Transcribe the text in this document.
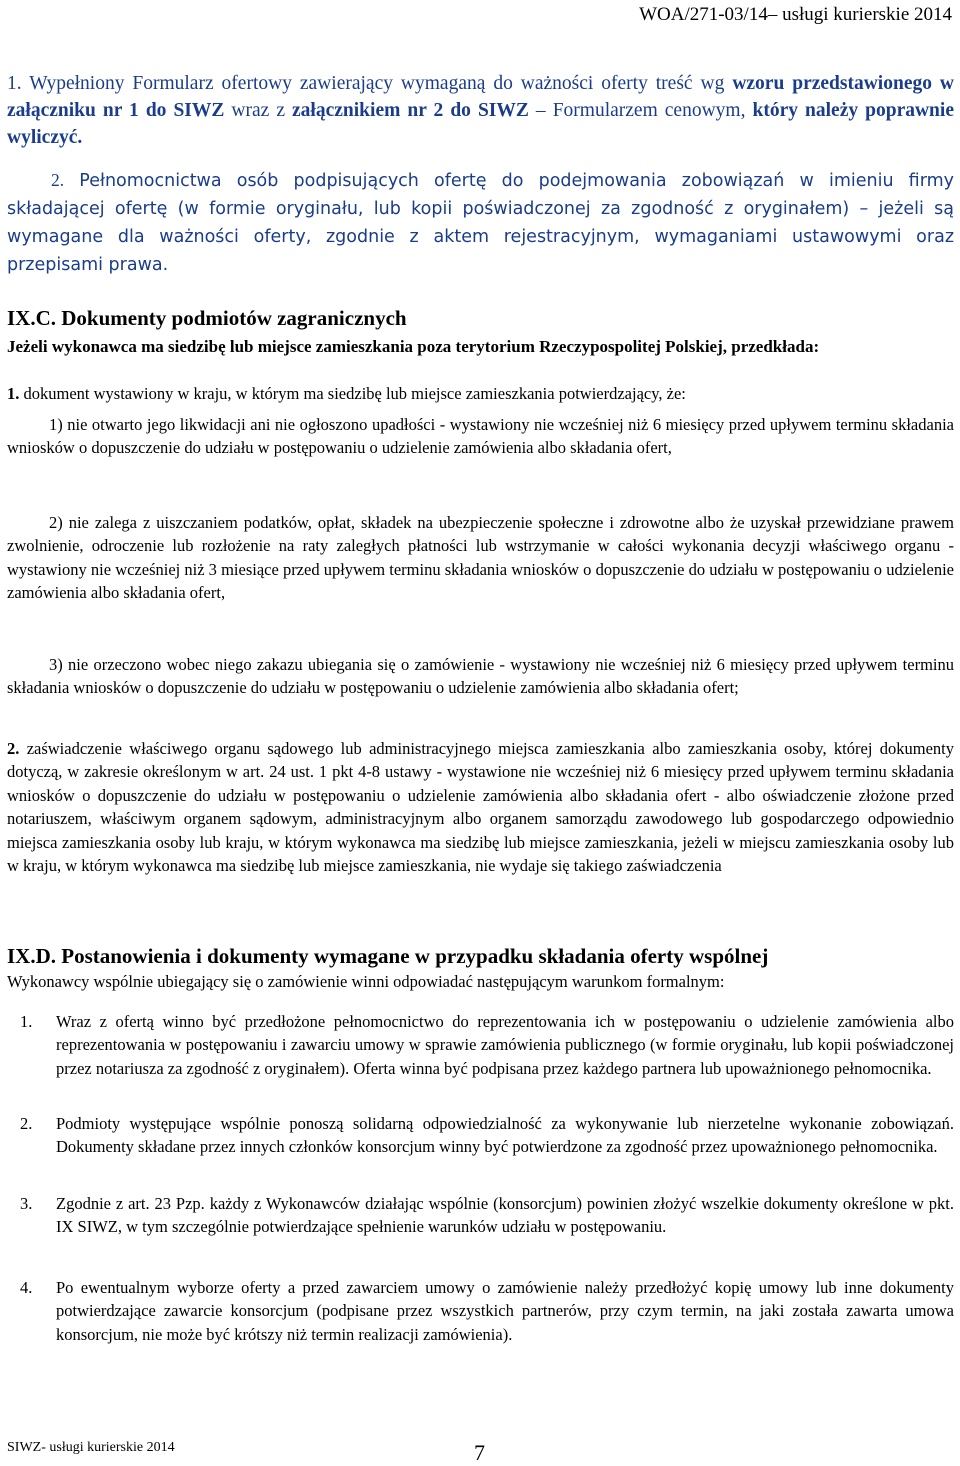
WOA/271-03/14– usługi kurierskie 2014
1. Wypełniony Formularz ofertowy zawierający wymaganą do ważności oferty treść wg wzoru przedstawionego w załączniku nr 1 do SIWZ wraz z załącznikiem nr 2 do SIWZ – Formularzem cenowym, który należy poprawnie wyliczyć.
2. Pełnomocnictwa osób podpisujących ofertę do podejmowania zobowiązań w imieniu firmy składającej ofertę (w formie oryginału, lub kopii poświadczonej za zgodność z oryginałem) – jeżeli są wymagane dla ważności oferty, zgodnie z aktem rejestracyjnym, wymaganiami ustawowymi oraz przepisami prawa.
IX.C. Dokumenty podmiotów zagranicznych
Jeżeli wykonawca ma siedzibę lub miejsce zamieszkania poza terytorium Rzeczypospolitej Polskiej, przedkłada:
1. dokument wystawiony w kraju, w którym ma siedzibę lub miejsce zamieszkania potwierdzający, że:
1) nie otwarto jego likwidacji ani nie ogłoszono upadłości - wystawiony nie wcześniej niż 6 miesięcy przed upływem terminu składania wniosków o dopuszczenie do udziału w postępowaniu o udzielenie zamówienia albo składania ofert,
2) nie zalega z uiszczaniem podatków, opłat, składek na ubezpieczenie społeczne i zdrowotne albo że uzyskał przewidziane prawem zwolnienie, odroczenie lub rozłożenie na raty zaległych płatności lub wstrzymanie w całości wykonania decyzji właściwego organu - wystawiony nie wcześniej niż 3 miesiące przed upływem terminu składania wniosków o dopuszczenie do udziału w postępowaniu o udzielenie zamówienia albo składania ofert,
3) nie orzeczono wobec niego zakazu ubiegania się o zamówienie - wystawiony nie wcześniej niż 6 miesięcy przed upływem terminu składania wniosków o dopuszczenie do udziału w postępowaniu o udzielenie zamówienia albo składania ofert;
2. zaświadczenie właściwego organu sądowego lub administracyjnego miejsca zamieszkania albo zamieszkania osoby, której dokumenty dotyczą, w zakresie określonym w art. 24 ust. 1 pkt 4-8 ustawy - wystawione nie wcześniej niż 6 miesięcy przed upływem terminu składania wniosków o dopuszczenie do udziału w postępowaniu o udzielenie zamówienia albo składania ofert - albo oświadczenie złożone przed notariuszem, właściwym organem sądowym, administracyjnym albo organem samorządu zawodowego lub gospodarczego odpowiednio miejsca zamieszkania osoby lub kraju, w którym wykonawca ma siedzibę lub miejsce zamieszkania, jeżeli w miejscu zamieszkania osoby lub w kraju, w którym wykonawca ma siedzibę lub miejsce zamieszkania, nie wydaje się takiego zaświadczenia
IX.D. Postanowienia i dokumenty wymagane w przypadku składania oferty wspólnej
Wykonawcy wspólnie ubiegający się o zamówienie winni odpowiadać następującym warunkom formalnym:
1. Wraz z ofertą winno być przedłożone pełnomocnictwo do reprezentowania ich w postępowaniu o udzielenie zamówienia albo reprezentowania w postępowaniu i zawarciu umowy w sprawie zamówienia publicznego (w formie oryginału, lub kopii poświadczonej przez notariusza za zgodność z oryginałem). Oferta winna być podpisana przez każdego partnera lub upoważnionego pełnomocnika.
2. Podmioty występujące wspólnie ponoszą solidarną odpowiedzialność za wykonywanie lub nierzetelne wykonanie zobowiązań. Dokumenty składane przez innych członków konsorcjum winny być potwierdzone za zgodność przez upoważnionego pełnomocnika.
3. Zgodnie z art. 23 Pzp. każdy z Wykonawców działając wspólnie (konsorcjum) powinien złożyć wszelkie dokumenty określone w pkt. IX SIWZ, w tym szczególnie potwierdzające spełnienie warunków udziału w postępowaniu.
4. Po ewentualnym wyborze oferty a przed zawarciem umowy o zamówienie należy przedłożyć kopię umowy lub inne dokumenty potwierdzające zawarcie konsorcjum (podpisane przez wszystkich partnerów, przy czym termin, na jaki została zawarta umowa konsorcjum, nie może być krótszy niż termin realizacji zamówienia).
SIWZ- usługi kurierskie 2014	7
